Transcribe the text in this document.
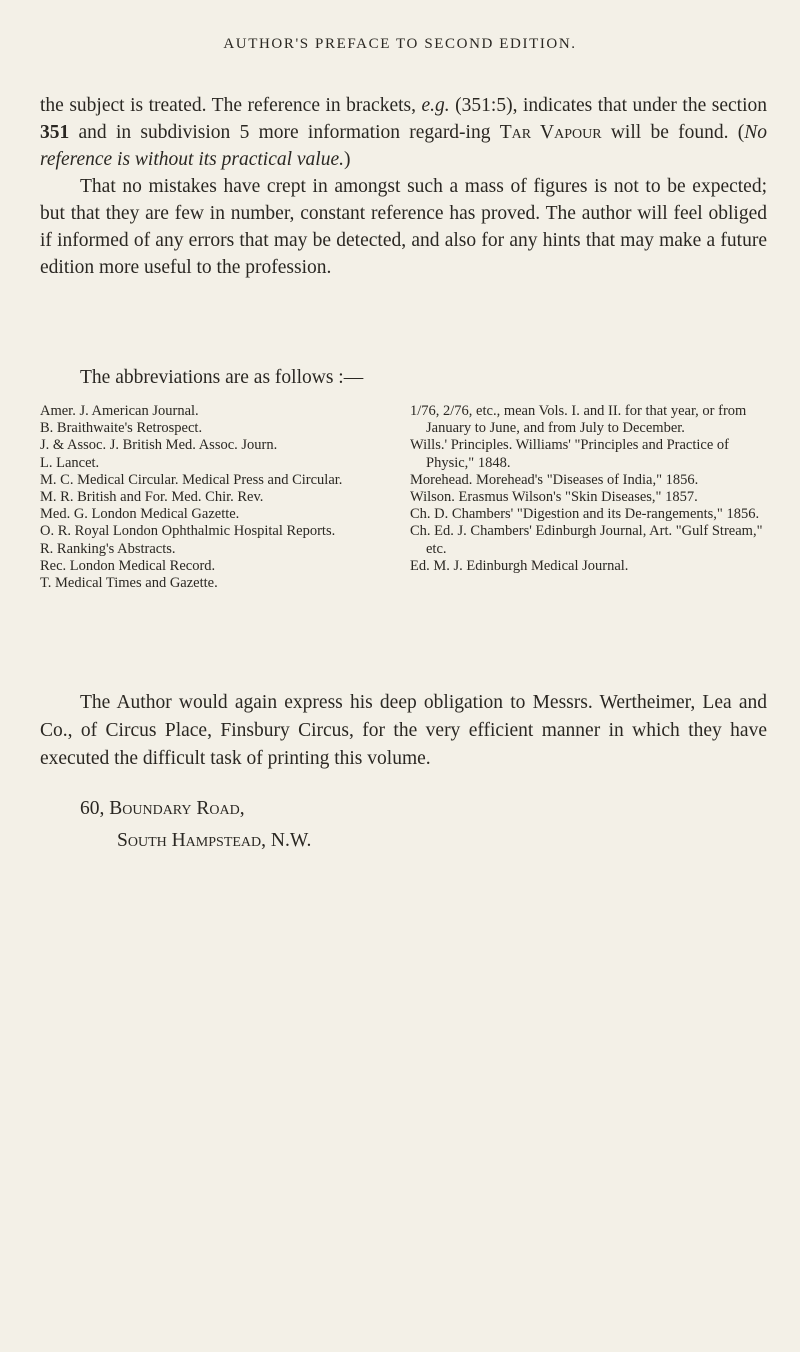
AUTHOR'S PREFACE TO SECOND EDITION.

the subject is treated. The reference in brackets, e.g. (351:5), indicates that under the section 351 and in subdivision 5 more information regard-ing Tar Vapour will be found. (No reference is without its practical value.)

That no mistakes have crept in amongst such a mass of figures is not to be expected; but that they are few in number, constant reference has proved. The author will feel obliged if informed of any errors that may be detected, and also for any hints that may make a future edition more useful to the profession.

The abbreviations are as follows :—

Amer. J. American Journal.
B. Braithwaite's Retrospect.
J. & Assoc. J. British Med. Assoc. Journ.
L. Lancet.
M. C. Medical Circular. Medical Press and Circular.
M. R. British and For. Med. Chir. Rev.
Med. G. London Medical Gazette.
O. R. Royal London Ophthalmic Hospital Reports.
R. Ranking's Abstracts.
Rec. London Medical Record.
T. Medical Times and Gazette.
1/76, 2/76, etc., mean Vols. I. and II. for that year, or from January to June, and from July to December.
Wills.' Principles. Williams' "Principles and Practice of Physic," 1848.
Morehead. Morehead's "Diseases of India," 1856.
Wilson. Erasmus Wilson's "Skin Diseases," 1857.
Ch. D. Chambers' "Digestion and its De-rangements," 1856.
Ch. Ed. J. Chambers' Edinburgh Journal, Art. "Gulf Stream," etc.
Ed. M. J. Edinburgh Medical Journal.

The Author would again express his deep obligation to Messrs. Wertheimer, Lea and Co., of Circus Place, Finsbury Circus, for the very efficient manner in which they have executed the difficult task of printing this volume.

60, Boundary Road,
South Hampstead, N.W.
